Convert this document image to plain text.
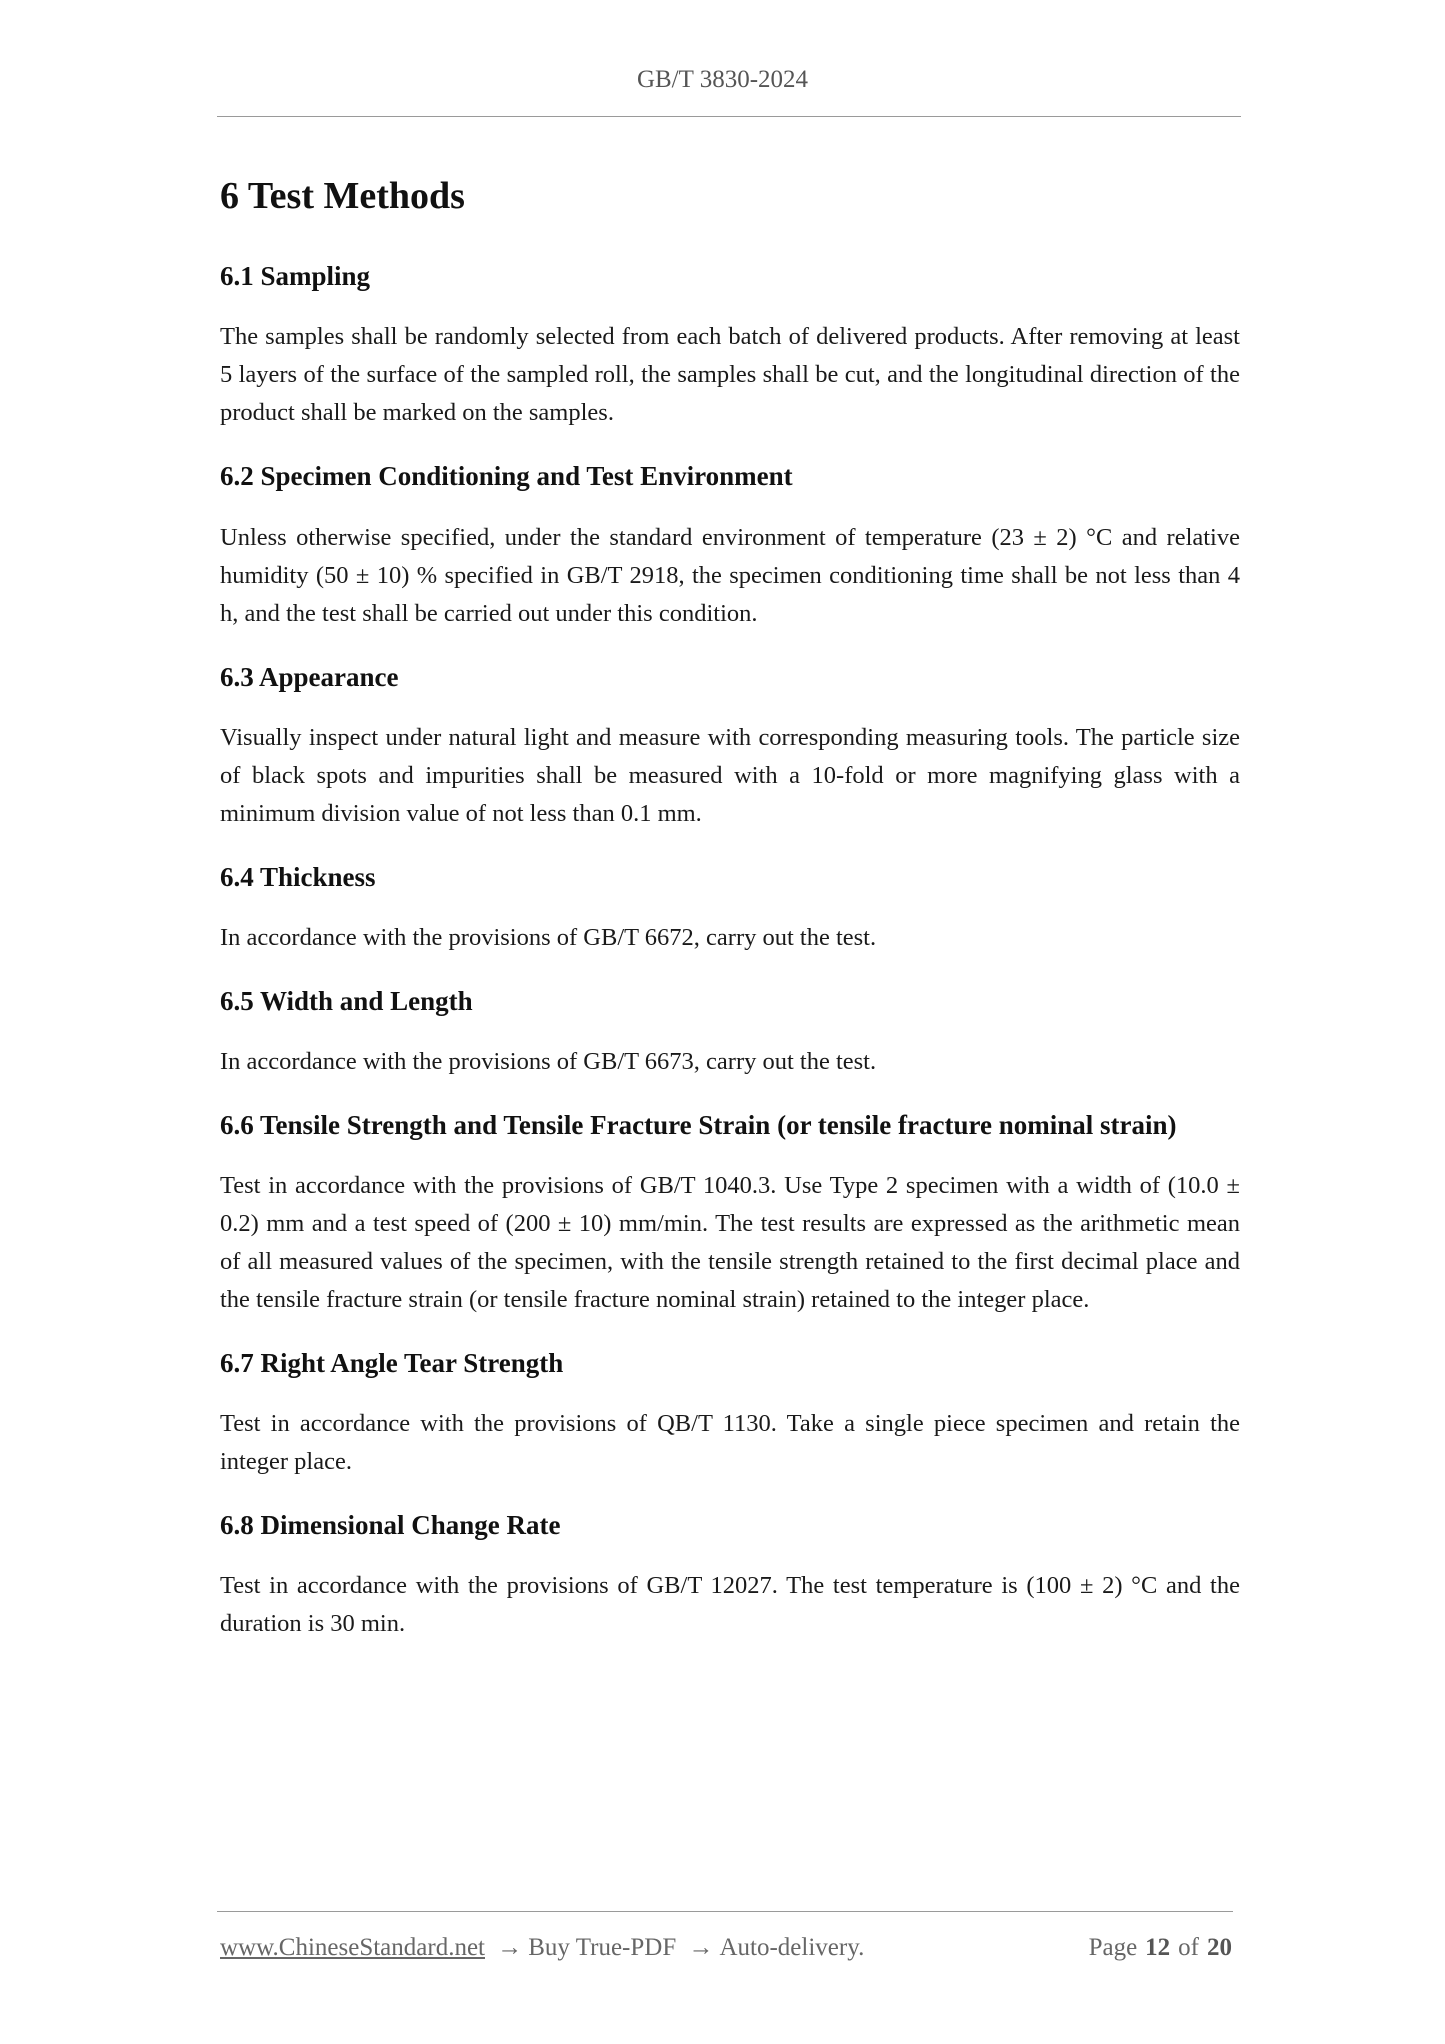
GB/T 3830-2024
6 Test Methods
6.1 Sampling

The samples shall be randomly selected from each batch of delivered products. After removing at least 5 layers of the surface of the sampled roll, the samples shall be cut, and the longitudinal direction of the product shall be marked on the samples.

6.2 Specimen Conditioning and Test Environment

Unless otherwise specified, under the standard environment of temperature (23 ± 2) °C and relative humidity (50 ± 10) % specified in GB/T 2918, the specimen conditioning time shall be not less than 4 h, and the test shall be carried out under this condition.

6.3 Appearance

Visually inspect under natural light and measure with corresponding measuring tools. The particle size of black spots and impurities shall be measured with a 10-fold or more magnifying glass with a minimum division value of not less than 0.1 mm.

6.4 Thickness

In accordance with the provisions of GB/T 6672, carry out the test.

6.5 Width and Length

In accordance with the provisions of GB/T 6673, carry out the test.

6.6 Tensile Strength and Tensile Fracture Strain (or tensile fracture nominal strain)

Test in accordance with the provisions of GB/T 1040.3. Use Type 2 specimen with a width of (10.0 ± 0.2) mm and a test speed of (200 ± 10) mm/min. The test results are expressed as the arithmetic mean of all measured values of the specimen, with the tensile strength retained to the first decimal place and the tensile fracture strain (or tensile fracture nominal strain) retained to the integer place.

6.7 Right Angle Tear Strength

Test in accordance with the provisions of QB/T 1130. Take a single piece specimen and retain the integer place.

6.8 Dimensional Change Rate

Test in accordance with the provisions of GB/T 12027. The test temperature is (100 ± 2) °C and the duration is 30 min.

www.ChineseStandard.net → Buy True-PDF → Auto-delivery.	Page 12 of 20
